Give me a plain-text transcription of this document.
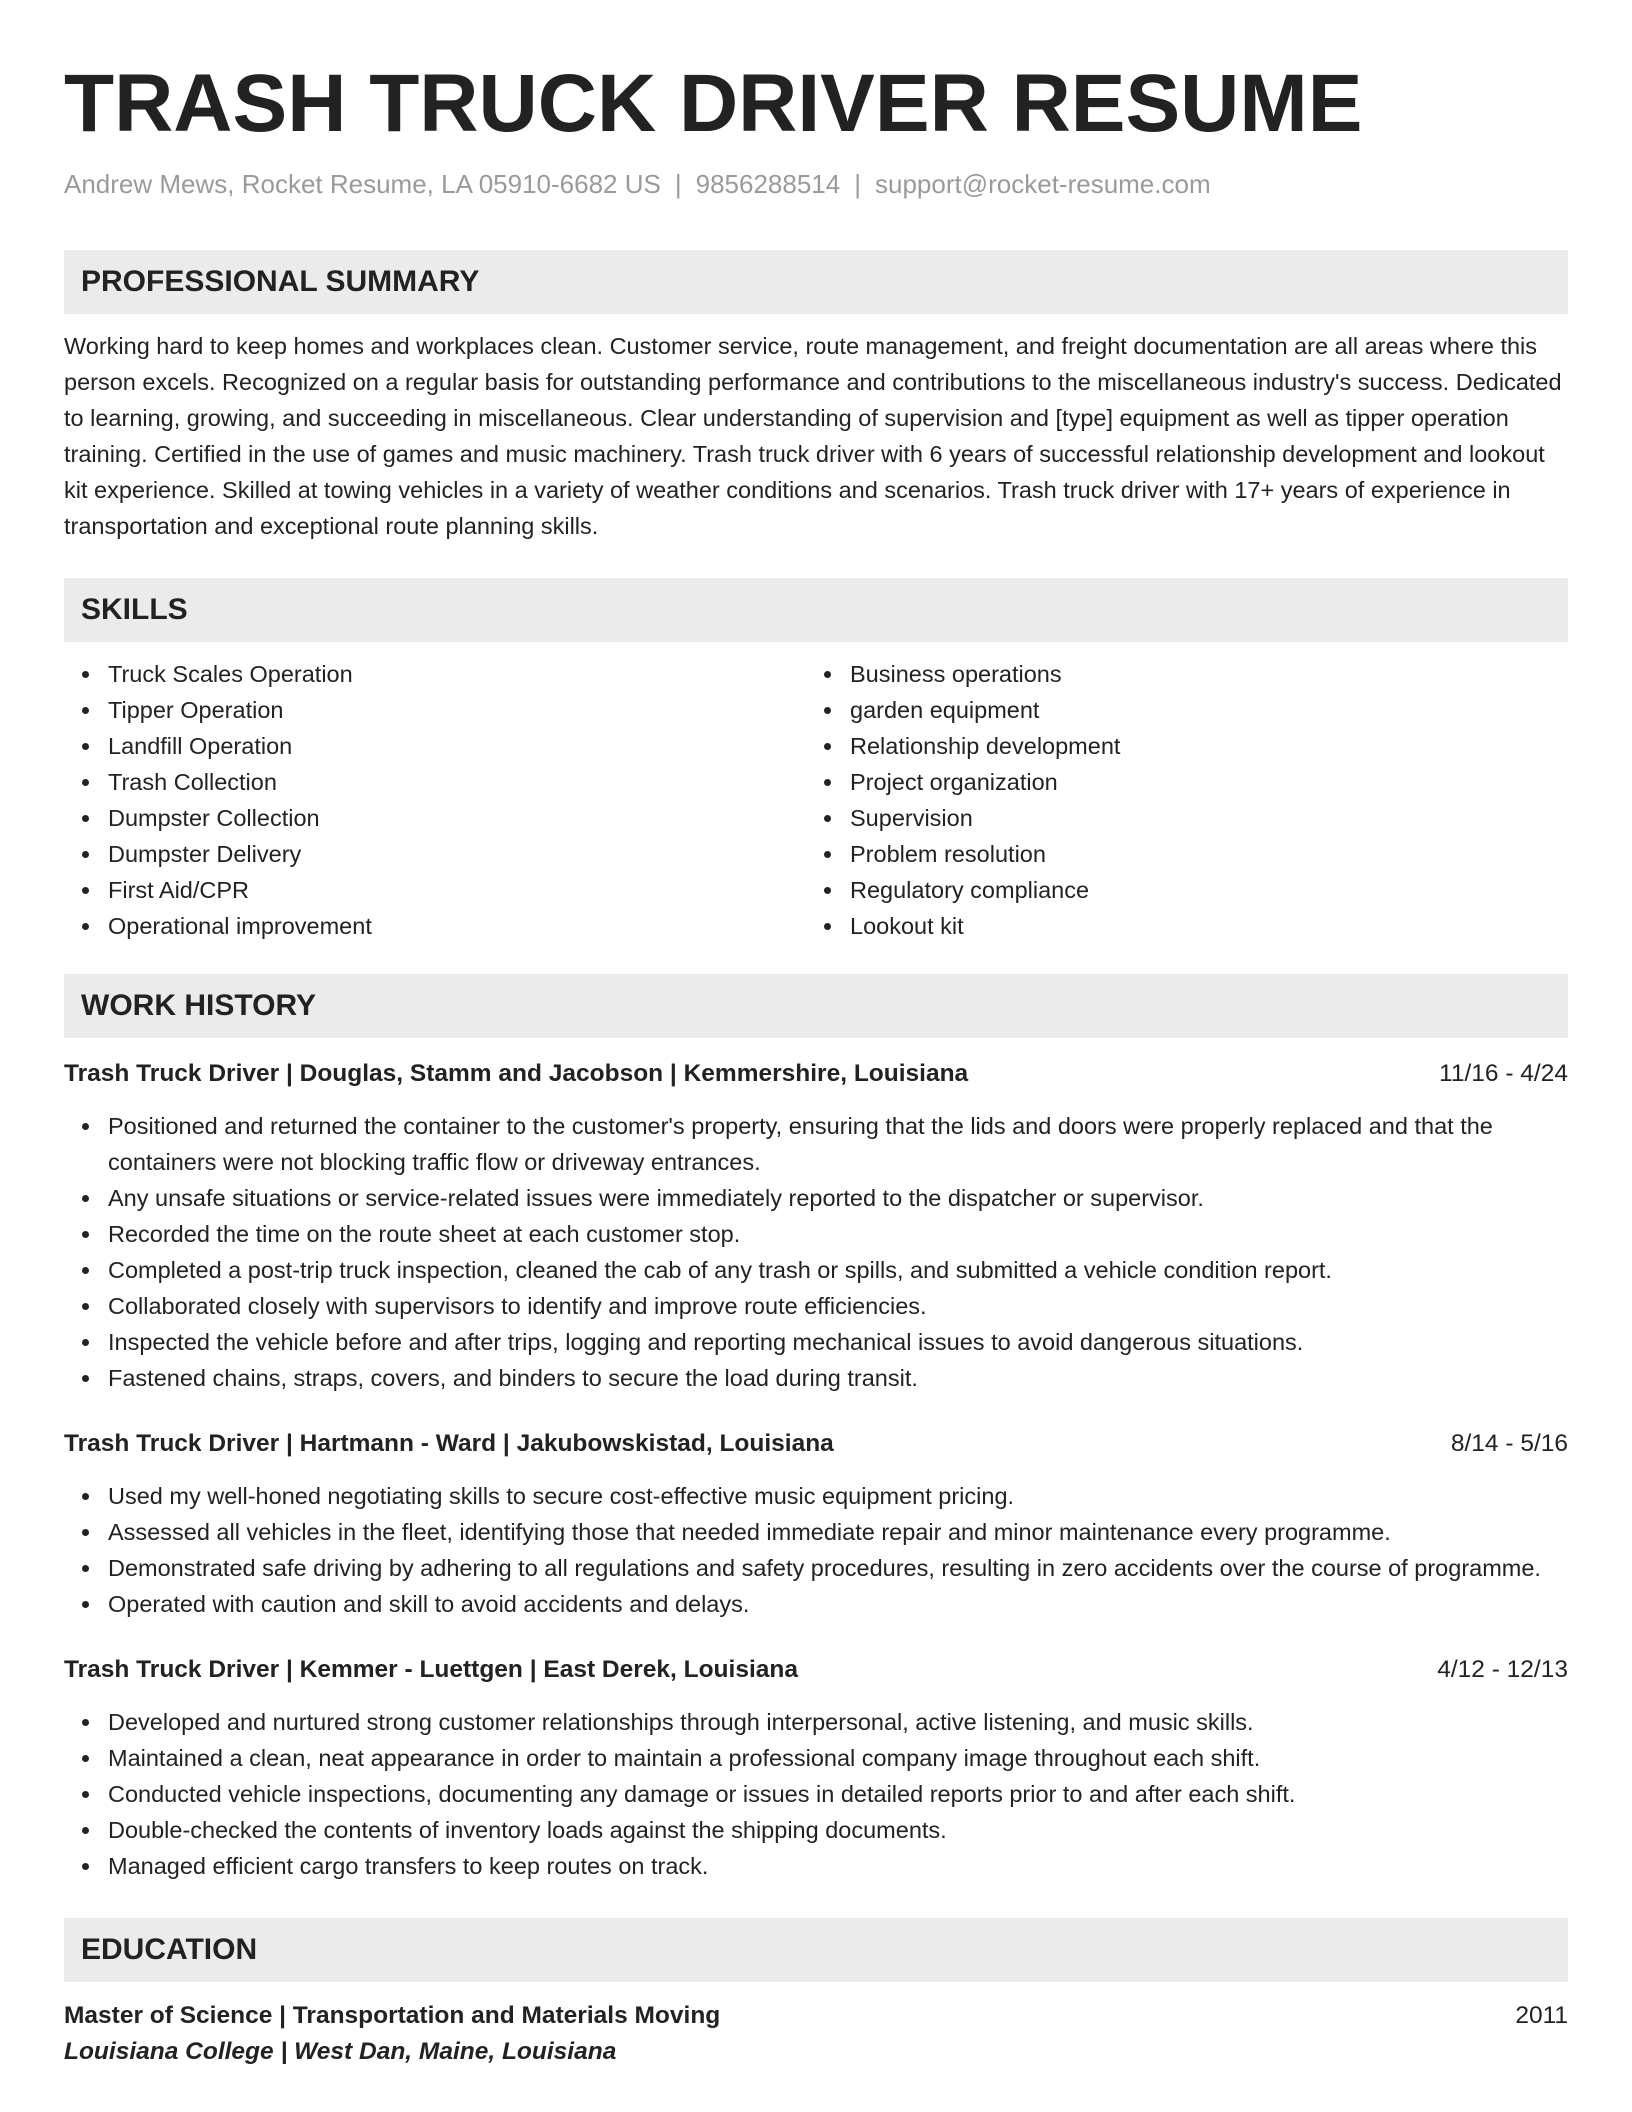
TRASH TRUCK DRIVER RESUME
Andrew Mews, Rocket Resume, LA 05910-6682 US | 9856288514 | support@rocket-resume.com
PROFESSIONAL SUMMARY
Working hard to keep homes and workplaces clean. Customer service, route management, and freight documentation are all areas where this person excels. Recognized on a regular basis for outstanding performance and contributions to the miscellaneous industry's success. Dedicated to learning, growing, and succeeding in miscellaneous. Clear understanding of supervision and [type] equipment as well as tipper operation training. Certified in the use of games and music machinery. Trash truck driver with 6 years of successful relationship development and lookout kit experience. Skilled at towing vehicles in a variety of weather conditions and scenarios. Trash truck driver with 17+ years of experience in transportation and exceptional route planning skills.
SKILLS
Truck Scales Operation
Tipper Operation
Landfill Operation
Trash Collection
Dumpster Collection
Dumpster Delivery
First Aid/CPR
Operational improvement
Business operations
garden equipment
Relationship development
Project organization
Supervision
Problem resolution
Regulatory compliance
Lookout kit
WORK HISTORY
Trash Truck Driver | Douglas, Stamm and Jacobson | Kemmershire, Louisiana	11/16 - 4/24
Positioned and returned the container to the customer's property, ensuring that the lids and doors were properly replaced and that the containers were not blocking traffic flow or driveway entrances.
Any unsafe situations or service-related issues were immediately reported to the dispatcher or supervisor.
Recorded the time on the route sheet at each customer stop.
Completed a post-trip truck inspection, cleaned the cab of any trash or spills, and submitted a vehicle condition report.
Collaborated closely with supervisors to identify and improve route efficiencies.
Inspected the vehicle before and after trips, logging and reporting mechanical issues to avoid dangerous situations.
Fastened chains, straps, covers, and binders to secure the load during transit.
Trash Truck Driver | Hartmann - Ward | Jakubowskistad, Louisiana	8/14 - 5/16
Used my well-honed negotiating skills to secure cost-effective music equipment pricing.
Assessed all vehicles in the fleet, identifying those that needed immediate repair and minor maintenance every programme.
Demonstrated safe driving by adhering to all regulations and safety procedures, resulting in zero accidents over the course of programme.
Operated with caution and skill to avoid accidents and delays.
Trash Truck Driver | Kemmer - Luettgen | East Derek, Louisiana	4/12 - 12/13
Developed and nurtured strong customer relationships through interpersonal, active listening, and music skills.
Maintained a clean, neat appearance in order to maintain a professional company image throughout each shift.
Conducted vehicle inspections, documenting any damage or issues in detailed reports prior to and after each shift.
Double-checked the contents of inventory loads against the shipping documents.
Managed efficient cargo transfers to keep routes on track.
EDUCATION
Master of Science | Transportation and Materials Moving	2011
Louisiana College | West Dan, Maine, Louisiana
